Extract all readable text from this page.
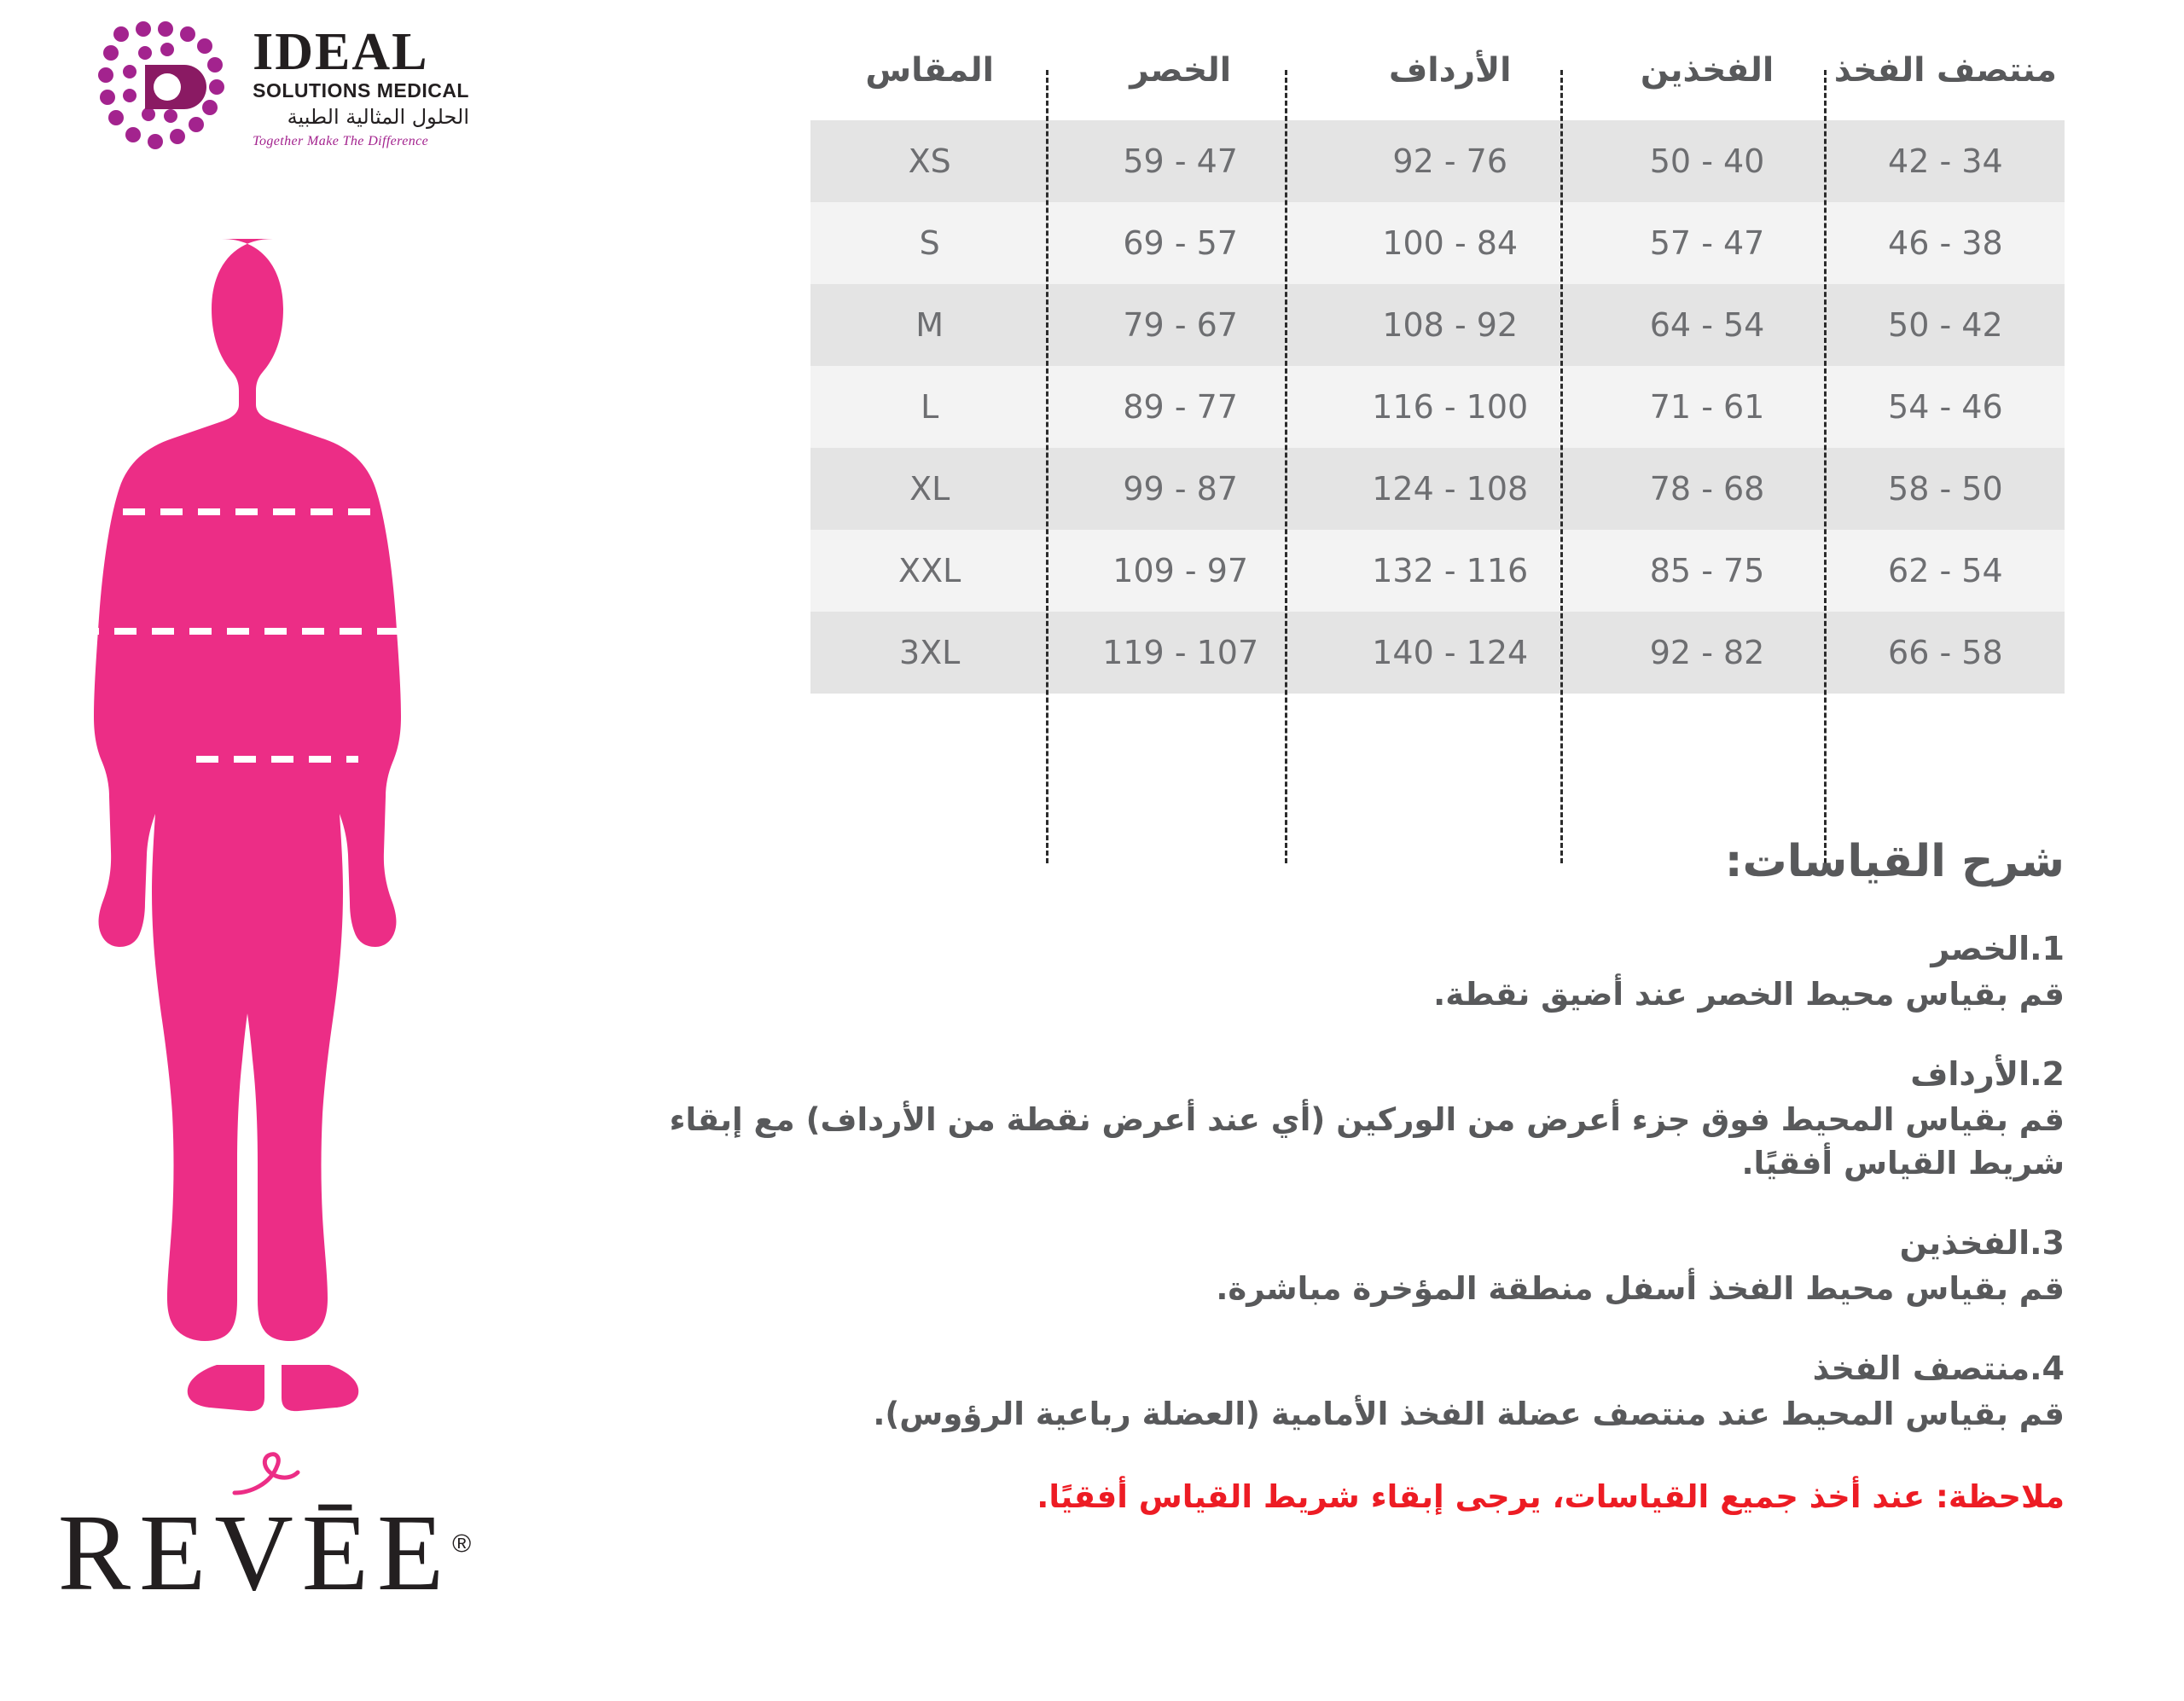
IDEAL
SOLUTIONS MEDICAL
الحلول المثالية الطبية
Together Make The Difference
REVĒE®
منتصف الفخذ	الفخذين	الأرداف	الخصر	المقاس
34 - 42	40 - 50	76 - 92	47 - 59	XS
38 - 46	47 - 57	84 - 100	57 - 69	S
42 - 50	54 - 64	92 - 108	67 - 79	M
46 - 54	61 - 71	100 - 116	77 - 89	L
50 - 58	68 - 78	108 - 124	87 - 99	XL
54 - 62	75 - 85	116 - 132	97 - 109	XXL
58 - 66	82 - 92	124 - 140	107 - 119	3XL
شرح القياسات:
1.الخصر
قم بقياس محيط الخصر عند أضيق نقطة.
2.الأرداف
قم بقياس المحيط فوق جزء أعرض من الوركين (أي عند أعرض نقطة من الأرداف) مع إبقاء شريط القياس أفقيًا.
3.الفخذين
قم بقياس محيط الفخذ أسفل منطقة المؤخرة مباشرة.
4.منتصف الفخذ
قم بقياس المحيط عند منتصف عضلة الفخذ الأمامية (العضلة رباعية الرؤوس).
ملاحظة: عند أخذ جميع القياسات، يرجى إبقاء شريط القياس أفقيًا.
